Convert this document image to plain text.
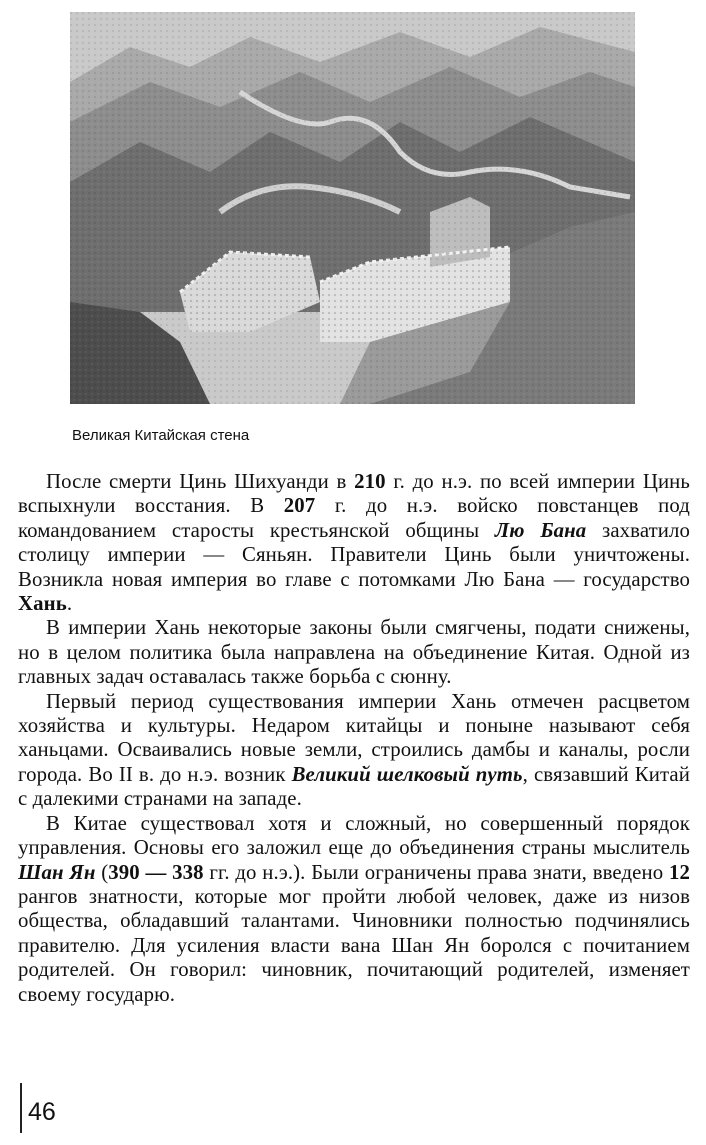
Великая Китайская стена

После смерти Цинь Шихуанди в 210 г. до н.э. по всей империи Цинь вспыхнули восстания. В 207 г. до н.э. войско повстанцев под командованием старосты крестьянской общины Лю Бана захватило столицу империи — Сяньян. Правители Цинь были уничтожены. Возникла новая империя во главе с потомками Лю Бана — государство Хань.

В империи Хань некоторые законы были смягчены, подати снижены, но в целом политика была направлена на объединение Китая. Одной из главных задач оставалась также борьба с сюнну.

Первый период существования империи Хань отмечен расцветом хозяйства и культуры. Недаром китайцы и поныне называют себя ханьцами. Осваивались новые земли, строились дамбы и каналы, росли города. Во II в. до н.э. возник Великий шелковый путь, связавший Китай с далекими странами на западе.

В Китае существовал хотя и сложный, но совершенный порядок управления. Основы его заложил еще до объединения страны мыслитель Шан Ян (390 — 338 гг. до н.э.). Были ограничены права знати, введено 12 рангов знатности, которые мог пройти любой человек, даже из низов общества, обладавший талантами. Чиновники полностью подчинялись правителю. Для усиления власти вана Шан Ян боролся с почитанием родителей. Он говорил: чиновник, почитающий родителей, изменяет своему государю.

46
